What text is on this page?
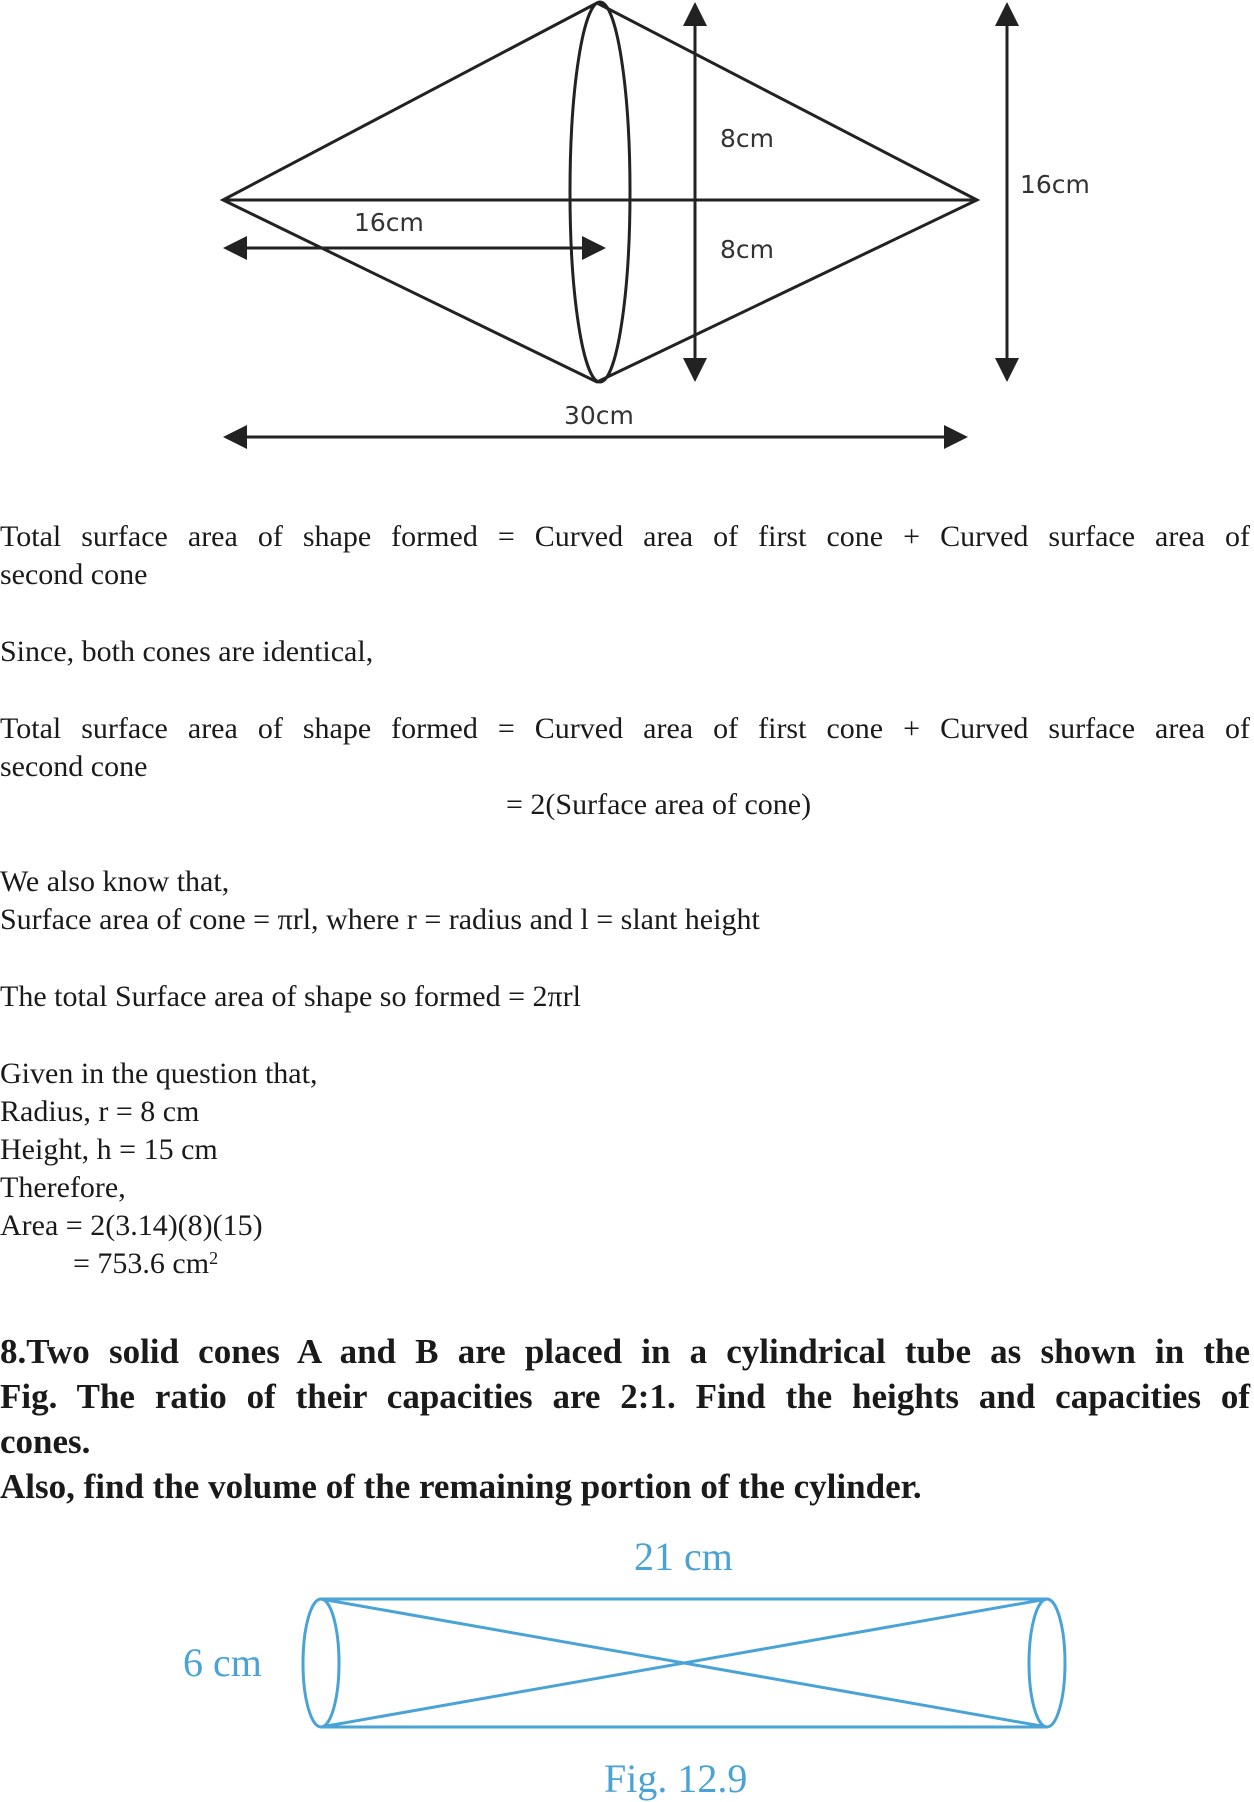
8cm
8cm
16cm
16cm
30cm
Total surface area of shape formed = Curved area of first cone + Curved surface area of
second cone
Since, both cones are identical,
Total surface area of shape formed = Curved area of first cone + Curved surface area of
second cone
= 2(Surface area of cone)
We also know that,
Surface area of cone = πrl, where r = radius and l = slant height
The total Surface area of shape so formed = 2πrl
Given in the question that,
Radius, r = 8 cm
Height, h = 15 cm
Therefore,
Area = 2(3.14)(8)(15)
= 753.6 $cm^2$
8.Two solid cones A and B are placed in a cylindrical tube as shown in the
Fig. The ratio of their capacities are 2:1. Find the heights and capacities of
cones.
Also, find the volume of the remaining portion of the cylinder.
21 cm
6 cm
Fig. 12.9
